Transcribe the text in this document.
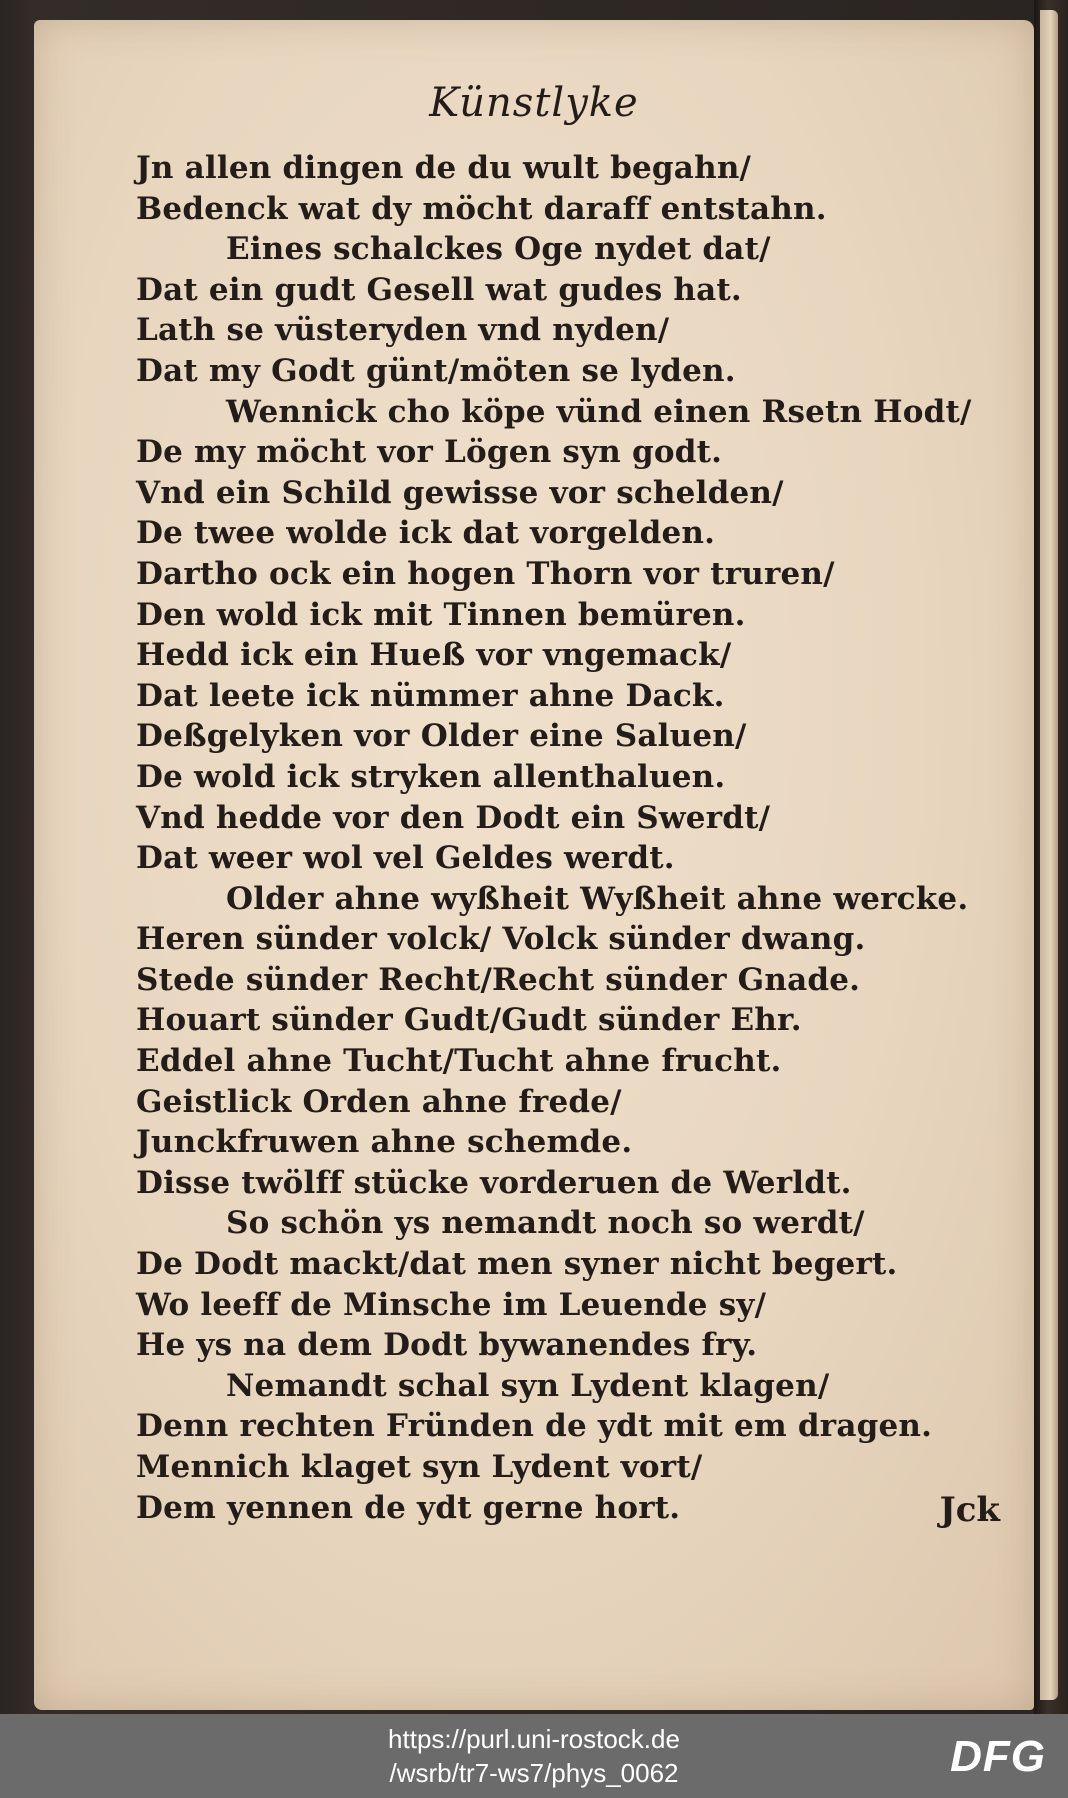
Künstlyke
Jn allen dingen de du wult begahn/
Bedenck wat dy möcht daraff entstahn.
Eines schalckes Oge nydet dat/
Dat ein gudt Gesell wat gudes hat.
Lath se vüsteryden vnd nyden/
Dat my Godt günt/möten se lyden.
Wennick cho köpe vünd einen Rsetn Hodt/
De my möcht vor Lögen syn godt.
Vnd ein Schild gewisse vor schelden/
De twee wolde ick dat vorgelden.
Dartho ock ein hogen Thorn vor truren/
Den wold ick mit Tinnen bemüren.
Hedd ick ein Hueß vor vngemack/
Dat leete ick nümmer ahne Dack.
Deßgelyken vor Older eine Saluen/
De wold ick stryken allenthaluen.
Vnd hedde vor den Dodt ein Swerdt/
Dat weer wol vel Geldes werdt.
Older ahne wyßheit Wyßheit ahne wercke.
Heren sünder volck/ Volck sünder dwang.
Stede sünder Recht/Recht sünder Gnade.
Houart sünder Gudt/Gudt sünder Ehr.
Eddel ahne Tucht/Tucht ahne frucht.
Geistlick Orden ahne frede/
Junckfruwen ahne schemde.
Disse twölff stücke vorderuen de Werldt.
So schön ys nemandt noch so werdt/
De Dodt mackt/dat men syner nicht begert.
Wo leeff de Minsche im Leuende sy/
He ys na dem Dodt bywanendes fry.
Nemandt schal syn Lydent klagen/
Denn rechten Fründen de ydt mit em dragen.
Mennich klaget syn Lydent vort/
Dem yennen de ydt gerne hort.	Jck
https://purl.uni-rostock.de
/wsrb/tr7-ws7/phys_0062	DFG
